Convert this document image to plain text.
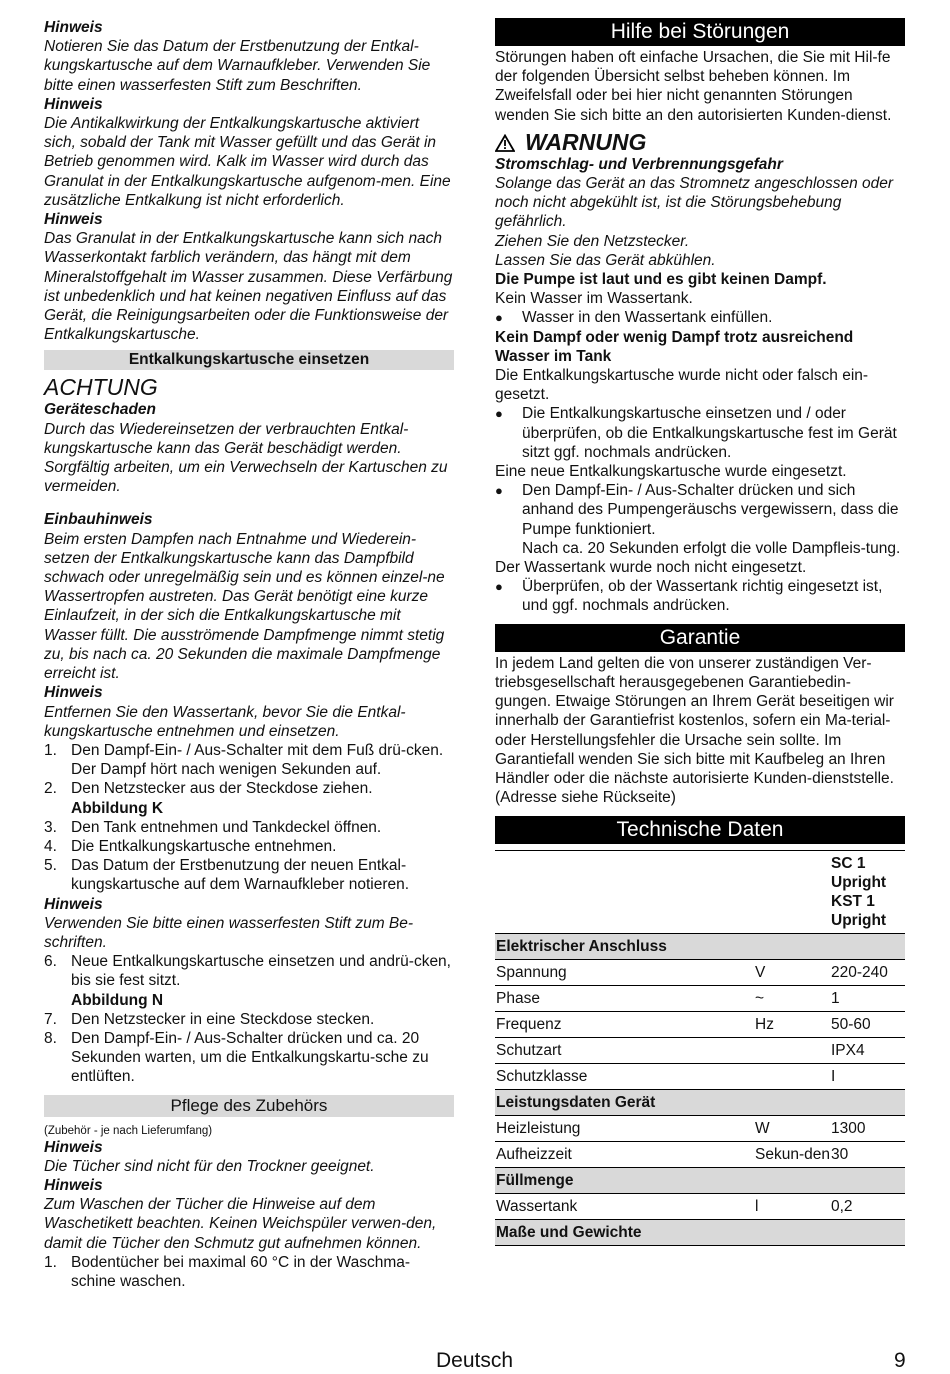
Hinweis

Notieren Sie das Datum der Erstbenutzung der Entkal-kungskartusche auf dem Warnaufkleber. Verwenden Sie bitte einen wasserfesten Stift zum Beschriften.

Hinweis

Die Antikalkwirkung der Entkalkungskartusche aktiviert sich, sobald der Tank mit Wasser gefüllt und das Gerät in Betrieb genommen wird. Kalk im Wasser wird durch das Granulat in der Entkalkungskartusche aufgenom-men. Eine zusätzliche Entkalkung ist nicht erforderlich.

Hinweis

Das Granulat in der Entkalkungskartusche kann sich nach Wasserkontakt farblich verändern, das hängt mit dem Mineralstoffgehalt im Wasser zusammen. Diese Verfärbung ist unbedenklich und hat keinen negativen Einfluss auf das Gerät, die Reinigungsarbeiten oder die Funktionsweise der Entkalkungskartusche.

Entkalkungskartusche einsetzen

ACHTUNG

Geräteschaden

Durch das Wiedereinsetzen der verbrauchten Entkal-kungskartusche kann das Gerät beschädigt werden. Sorgfältig arbeiten, um ein Verwechseln der Kartuschen zu vermeiden.

Einbauhinweis

Beim ersten Dampfen nach Entnahme und Wiederein-setzen der Entkalkungskartusche kann das Dampfbild schwach oder unregelmäßig sein und es können einzel-ne Wassertropfen austreten. Das Gerät benötigt eine kurze Einlaufzeit, in der sich die Entkalkungskartusche mit Wasser füllt. Die ausströmende Dampfmenge nimmt stetig zu, bis nach ca. 20 Sekunden die maximale Dampfmenge erreicht ist.

Hinweis

Entfernen Sie den Wassertank, bevor Sie die Entkal-kungskartusche entnehmen und einsetzen.

1. Den Dampf-Ein- / Aus-Schalter mit dem Fuß drü-cken. Der Dampf hört nach wenigen Sekunden auf.
2. Den Netzstecker aus der Steckdose ziehen.

Abbildung K

3. Den Tank entnehmen und Tankdeckel öffnen.
4. Die Entkalkungskartusche entnehmen.
5. Das Datum der Erstbenutzung der neuen Entkal-kungskartusche auf dem Warnaufkleber notieren.

Hinweis

Verwenden Sie bitte einen wasserfesten Stift zum Be-schriften.

6. Neue Entkalkungskartusche einsetzen und andrü-cken, bis sie fest sitzt.

Abbildung N

7. Den Netzstecker in eine Steckdose stecken.
8. Den Dampf-Ein- / Aus-Schalter drücken und ca. 20 Sekunden warten, um die Entkalkungskartu-sche zu entlüften.
Pflege des Zubehörs

(Zubehör - je nach Lieferumfang)

Hinweis

Die Tücher sind nicht für den Trockner geeignet.

Hinweis

Zum Waschen der Tücher die Hinweise auf dem Waschetikett beachten. Keinen Weichspüler verwen-den, damit die Tücher den Schmutz gut aufnehmen können.

1. Bodentücher bei maximal 60 °C in der Waschma-schine waschen.
Hilfe bei Störungen

Störungen haben oft einfache Ursachen, die Sie mit Hil-fe der folgenden Übersicht selbst beheben können. Im Zweifelsfall oder bei hier nicht genannten Störungen wenden Sie sich bitte an den autorisierten Kunden-dienst.

WARNUNG

Stromschlag- und Verbrennungsgefahr

Solange das Gerät an das Stromnetz angeschlossen oder noch nicht abgekühlt ist, ist die Störungsbehebung gefährlich.

Ziehen Sie den Netzstecker.

Lassen Sie das Gerät abkühlen.

Die Pumpe ist laut und es gibt keinen Dampf.

Kein Wasser im Wassertank.

●	Wasser in den Wassertank einfüllen.

Kein Dampf oder wenig Dampf trotz ausreichend Wasser im Tank

Die Entkalkungskartusche wurde nicht oder falsch ein-gesetzt.

●	Die Entkalkungskartusche einsetzen und / oder überprüfen, ob die Entkalkungskartusche fest im Gerät sitzt ggf. nochmals andrücken.

Eine neue Entkalkungskartusche wurde eingesetzt.

●	Den Dampf-Ein- / Aus-Schalter drücken und sich anhand des Pumpengeräuschs vergewissern, dass die Pumpe funktioniert.

Nach ca. 20 Sekunden erfolgt die volle Dampfleis-tung.

Der Wassertank wurde noch nicht eingesetzt.

●	Überprüfen, ob der Wassertank richtig eingesetzt ist, und ggf. nochmals andrücken.
Garantie

In jedem Land gelten die von unserer zuständigen Ver-triebsgesellschaft herausgegebenen Garantiebedin-gungen. Etwaige Störungen an Ihrem Gerät beseitigen wir innerhalb der Garantiefrist kostenlos, sofern ein Ma-terial- oder Herstellungsfehler die Ursache sein sollte. Im Garantiefall wenden Sie sich bitte mit Kaufbeleg an Ihren Händler oder die nächste autorisierte Kunden-dienststelle.

(Adresse siehe Rückseite)

Technische Daten
		SC 1 Upright KST 1 Upright
Elektrischer Anschluss		
Spannung	V	220-240
Phase	~	1
Frequenz	Hz	50-60
Schutzart		IPX4
Schutzklasse		I
Leistungsdaten Gerät		
Heizleistung	W	1300
Aufheizzeit	Sekun-den	30
Füllmenge		
Wassertank	l	0,2
Maße und Gewichte		
Deutsch	9
